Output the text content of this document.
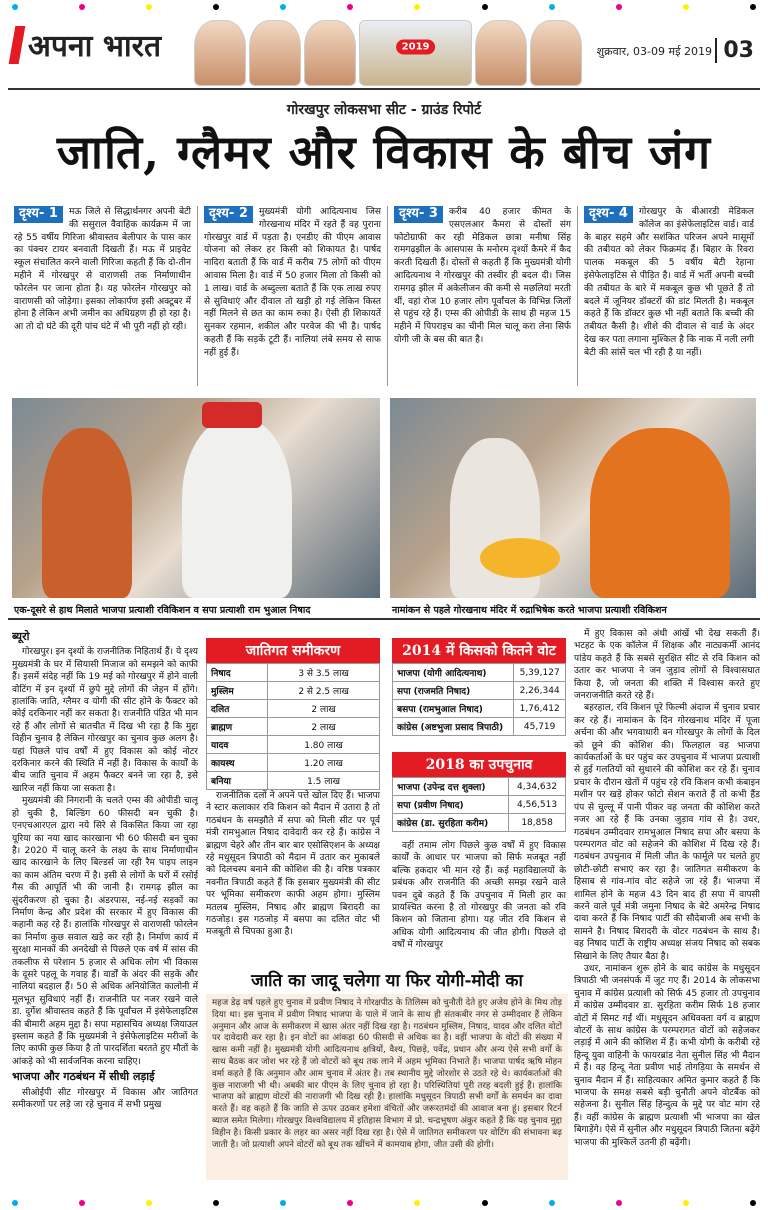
अपना भारत	2019	शुक्रवार, 03-09 मई 2019 03
गोरखपुर लोकसभा सीट - ग्राउंड रिपोर्ट
जाति, ग्लैमर और विकास के बीच जंग
दृश्य- 1	मऊ जिले से सिद्धार्थनगर अपनी बेटी की ससुराल वैवाहिक कार्यक्रम में जा रहे 55 वर्षीय गिरिजा श्रीवास्तव बेलीपार के पास कार का पंक्चर टायर बनवाती दिखती हैं। मऊ में प्राइवेट स्कूल संचालित करने वाली गिरिजा कहती हैं कि दो-तीन महीने में गोरखपुर से वाराणसी तक निर्माणाधीन फोरलेन पर जाना होता है। यह फोरलेन गोरखपुर को वाराणसी को जोड़ेगा। इसका लोकार्पण इसी अक्टूबर में होना है लेकिन अभी जमीन का अधिग्रहण ही हो रहा है। आ तो दो घंटे की दूरी पांच घंटे में भी पूरी नहीं हो रही।
दृश्य- 2	मुख्यमंत्री योगी आदित्यनाथ जिस गोरखनाथ मंदिर में रहते हैं वह पुराना गोरखपुर वार्ड में पड़ता है। एनडीए की पीएम आवास योजना को लेकर हर किसी को शिकायत है। पार्षद नादिरा बताती हैं कि वार्ड में करीब 75 लोगों को पीएम आवास मिला है। वार्ड में 50 हजार मिला तो किसी को 1 लाख। वार्ड के अब्दुल्ला बताते हैं कि एक लाख रुपए से सुविधाएं और दीवाल तो खड़ी हो गई लेकिन किस्त नहीं मिलने से छत का काम रुका है। ऐसी ही शिकायतें सुनकर रहमान, शकील और परवेज की भी है। पार्षद कहती हैं कि सड़कें टूटी हैं। नालियां लंबे समय से साफ नहीं हुई हैं।
दृश्य- 3	करीब 40 हजार कीमत के एसएलआर कैमरा से दोस्तों संग फोटोग्राफी कर रही मेडिकल छात्रा मनीषा सिंह रामगढ़झील के आसपास के मनोरम दृश्यों कैमरे में कैद करती दिखती हैं। दोस्तों से कहती हैं कि मुख्यमंत्री योगी आदित्यनाथ ने गोरखपुर की तस्वीर ही बदल दी। जिस रामगढ़ झील में अकेलीजन की कमी से मछलियां मरती थीं, वहां रोज 10 हजार लोग पूर्वांचल के विभिन्न जिलों से पहुंच रहे हैं। एम्स की ओपीडी के साथ ही महज 15 महीने में पिपराइच का चीनी मिल चालू करा लेना सिर्फ योगी जी के बस की बात है।
दृश्य- 4	गोरखपुर के बीआरडी मेडिकल कॉलेज का इंसेफेलाइटिस वार्ड। वार्ड के बाहर सहमे और सशंकित परिजन अपने मासूमों की तबीयत को लेकर फिक्रमंद हैं। बिहार के रिवरा पालक मकबूल की 5 वर्षीय बेटी रेहाना इंसेफेलाइटिस से पीड़ित है। वार्ड में भर्ती अपनी बच्ची की तबीयत के बारे में मकबूल कुछ भी पूछते हैं तो बदले में जूनियर डॉक्टरों की डांट मिलती है। मकबूल कहते हैं कि डॉक्टर कुछ भी नहीं बताते कि बच्ची की तबीयत कैसी है। शीशे की दीवाल से वार्ड के अंदर देख कर पता लगाना मुश्किल है कि नाक में नली लगी बेटी की सांसें चल भी रही है या नहीं।
एक-दूसरे से हाथ मिलाते भाजपा प्रत्याशी रविकिशन व सपा प्रत्याशी राम भुआल निषाद	नामांकन से पहले गोरखनाथ मंदिर में रुद्राभिषेक करते भाजपा प्रत्याशी रविकिशन
ब्यूरो

गोरखपुर। इन दृश्यों के राजनीतिक निहितार्थ हैं। ये दृश्य मुख्यमंत्री के घर में सियासी मिजाज को समझने को काफी हैं। इसमें संदेह नहीं कि 19 मई को गोरखपुर में होने वाली वोटिंग में इन दृश्यों में छुपे मुद्दे लोगों की जेहन में होंगे। हालांकि जाति, ग्लैमर व योगी की सीट होने के फैक्टर को कोई दरकिनार नहीं कर सकता है। राजनीति पंडित भी मान रहे हैं और लोगों से बातचीत में दिख भी रहा है कि मुद्दा विहीन चुनाव है लेकिन गोरखपुर का चुनाव कुछ अलग है। यहां पिछले पांच वर्षों में हुए विकास को कोई नोटर दरकिनार करने की स्थिति में नहीं है। विकास के कार्यों के बीच जाति चुनाव में अहम फैक्टर बनने जा रहा है, इसे खारिज नहीं किया जा सकता है।

मुख्यमंत्री की निगरानी के चलते एम्स की ओपीडी चालू हो चुकी है, बिल्डिंग 60 फीसदी बन चुकी है। एनएचआरएल द्वारा नये सिरे से विकसित किया जा रहा यूरिया का नया खाद कारखाना भी 60 फीसदी बन चुका है। 2020 में चालू करने के लक्ष्य के साथ निर्माणाधीन खाद कारखाने के लिए बिल्डर्स जा रही रैम पाइप लाइन का काम अंतिम चरण में है। इसी से लोगों के घरों में रसोई गैस की आपूर्ति भी की जानी है। रामगढ़ झील का सुंदरीकरण हो चुका है। अंडरपास, नई-नई सड़कों का निर्माण केन्द्र और प्रदेश की सरकार में हुए विकास की कहानी कह रहे हैं। हालांकि गोरखपुर से वाराणसी फोरलेन का निर्माण कुछ सवाल खड़े कर रही है। निर्माण कार्य में सुरक्षा मानकों की अनदेखी से पिछले एक वर्ष में सांस की तकलीफ से परेशान 5 हजार से अधिक लोग भी विकास के दूसरे पहलू के गवाह हैं। वार्डों के अंदर की सड़कें और नालियां बदहाल हैं। 50 से अधिक अनियोजित कालोनी में मूलभूत सुविधाएं नहीं हैं। राजनीति पर नजर रखने वाले डा. दुर्गेश श्रीवास्तव कहते हैं कि पूर्वांचल में इंसेफेलाइटिस की बीमारी अहम मुद्दा है। सपा महासचिव अध्यक्ष जियाउल इस्लाम कहते हैं कि मुख्यमंत्री ने इंसेफेलाइटिस मरीजों के लिए काफी कुछ किया है तो पारदर्शिता बरतते हुए मौतों के आंकड़े को भी सार्वजनिक करना चाहिए।

भाजपा और गठबंधन में सीधी लड़ाई

सीओईपी सीट गोरखपुर में विकास और जातिगत समीकरणों पर लड़े जा रहे चुनाव में सभी प्रमुख

जातिगत समीकरण
निषाद	3 से 3.5 लाख
मुस्लिम	2 से 2.5 लाख
दलित	2 लाख
ब्राह्मण	2 लाख
यादव	1.80 लाख
कायस्थ	1.20 लाख
बनिया	1.5 लाख

राजनीतिक दलों ने अपने पत्ते खोल दिए हैं। भाजपा ने स्टार कलाकार रवि किशन को मैदान में उतारा है तो गठबंधन के समझौते में सपा को मिली सीट पर पूर्व मंत्री रामभुआल निषाद दावेदारी कर रहे हैं। कांग्रेस ने ब्राह्मण चेहरे और तीन बार बार एसोसिएशन के अध्यक्ष रहे मधुसूदन त्रिपाठी को मैदान में उतार कर मुकाबले को दिलचस्प बनाने की कोशिश की है। वरिष्ठ पत्रकार नवनीत त्रिपाठी कहते हैं कि इसबार मुख्यमंत्री की सीट पर भूमिका समीकरण काफी अहम होगा। मुस्लिम मतलब मुस्लिम, निषाद और ब्राह्मण बिरादरी का गठजोड़। इस गठजोड़ में बसपा का दलित वोट भी मजबूती से चिपका हुआ है।

2014 में किसको कितने वोट
भाजपा (योगी आदित्यनाथ)	5,39,127
सपा (राजमति निषाद)	2,26,344
बसपा (रामभुआल निषाद)	1,76,412
कांग्रेस (अष्टभुजा प्रसाद त्रिपाठी)	45,719
2018 का उपचुनाव
भाजपा (उपेन्द्र दत्त शुक्ला)	4,34,632
सपा (प्रवीण निषाद)	4,56,513
कांग्रेस (डा. सुरहिता करीम)	18,858

वहीं तमाम लोग पिछले कुछ वर्षों में हुए विकास कार्यों के आधार पर भाजपा को सिर्फ मजबूत नहीं बल्कि हकदार भी मान रहे हैं। कई महाविद्यालयों के प्रबंधक और राजनीति की अच्छी समझ रखने वाले पवन दुबे कहते हैं कि उपचुनाव में मिली हार का प्रायश्चित करना है तो गोरखपुर की जनता को रवि किशन को जिताना होगा। यह जीत रवि किशन से अधिक योगी आदित्यनाथ की जीत होगी। पिछले दो वर्षों में गोरखपुर

जाति का जादू चलेगा या फिर योगी-मोदी का
महज डेढ़ वर्ष पहले हुए चुनाव में प्रवीण निषाद ने गोरक्षपीठ के तिलिस्म को चुनौती देते हुए अजेय होने के मिथ तोड़ दिया था। इस चुनाव में प्रवीण निषाद भाजपा के पाले में जाने के साथ ही संतकबीर नगर से उम्मीदवार हैं लेकिन अनुमान और आज के समीकरण में खास अंतर नहीं दिख रहा है। गठबंधन मुस्लिम, निषाद, यादव और दलित वोटों पर दावेदारी कर रहा है। इन वोटों का आंकड़ा 60 फीसदी से अधिक का है। वहीं भाजपा के वोटों की संख्या में खास कमी नहीं है। मुख्यमंत्री योगी आदित्यनाथ क्षत्रियों, वैश्य, पिछड़े, पर्वेद्र, प्रधान और अन्य ऐसे सभी वर्गों के साथ बैठक कर जोश भर रहे हैं जो वोटरों को बूथ तक लाने में अहम भूमिका निभाते हैं। भाजपा पार्षद ऋषि मोहन वर्मा कहते हैं कि अनुमान और आम चुनाव में अंतर है। तब स्थानीय मुद्दे जोरशोर से उठते रहे थे। कार्यकर्ताओं की कुछ नाराजगी भी थी। अबकी बार पीएम के लिए चुनाव हो रहा है। परिस्थितियां पूरी तरह बदली हुई हैं। हालांकि भाजपा को ब्राह्मण वोटरों की नाराजगी भी दिख रही है। हालांकि मधुसूदन त्रिपाठी सभी वर्गों के समर्थन का दावा करते हैं। वह कहते हैं कि जाति से ऊपर उठकर हमेशा वंचितों और जरूरतमंदों की आवाज बना हूं। इसबार रिटर्न ब्याज समेत मिलेगा। गोरखपुर विश्वविद्यालय में इतिहास विभाग में प्रो. चन्द्रभूषण अंकुर कहते हैं कि यह चुनाव मुद्दा विहीन है। किसी प्रकार के लहर का असर नहीं दिख रहा है। ऐसे में जातिगत समीकरण पर वोटिंग की संभावना बढ़ जाती है। जो प्रत्याशी अपने वोटरों को बूथ तक खींचने में कामयाब होगा, जीत उसी की होगी।

में हुए विकास को अंधी आंखें भी देख सकती हैं। भटहट के एक कॉलेज में शिक्षक और नाट्यकर्मी आनंद पांडेय कहते हैं कि सबसे सुरक्षित सीट से रवि किशन को उतार कर भाजपा ने जन जुड़ाव लोगों से विश्वासघात किया है, जो जनता की शक्ति में विश्वास करते हुए जनराजनीति करते रहे हैं।

बहरहाल, रवि किशन पूरे फिल्मी अंदाज में चुनाव प्रचार कर रहे हैं। नामांकन के दिन गोरखनाथ मंदिर में पूजा अर्चना की और भगवाधारी बन गोरखपुर के लोगों के दिल को छूने की कोशिश की। फिलहाल वह भाजपा कार्यकर्ताओं के घर पहुंच कर उपचुनाव में भाजपा प्रत्याशी से हुई गलतियों को सुधारने की कोशिश कर रहे हैं। चुनाव प्रचार के दौरान खेतों में पहुंच रहे रवि किशन कभी कंबाइन मशीन पर खड़े होकर फोटो सेशन कराते हैं तो कभी हैंड पंप से चुल्लू में पानी पीकर वह जनता की कोशिश करते नजर आ रहे हैं कि उनका जुड़ाव गांव से है। उधर, गठबंधन उम्मीदवार रामभुआल निषाद सपा और बसपा के परम्परागत वोट को सहेजने की कोशिश में दिख रहे हैं। गठबंधन उपचुनाव में मिली जीत के फार्मूले पर चलते हुए छोटी-छोटी सभाएं कर रहा है। जातिगत समीकरण के हिसाब से गांव-गांव वोट सहेजे जा रहे हैं। भाजपा में शामिल होने के महज 43 दिन बाद ही सपा में वापसी करने वाले पूर्व मंत्री जमुना निषाद के बेटे अमरेन्द्र निषाद दावा करते हैं कि निषाद पार्टी की सौदेबाजी अब सभी के सामने है। निषाद बिरादरी के वोटर गठबंधन के साथ है। वह निषाद पार्टी के राष्ट्रीय अध्यक्ष संजय निषाद को सबक सिखाने के लिए तैयार बैठा है।

उधर, नामांकन शुरू होने के बाद कांग्रेस के मधुसूदन त्रिपाठी भी जनसंपर्क में जुट गए हैं। 2014 के लोकसभा चुनाव में कांग्रेस प्रत्याशी को सिर्फ 45 हजार तो उपचुनाव में कांग्रेस उम्मीदवार डा. सुरहिता करीम सिर्फ 18 हजार वोटों में सिमट गईं थीं। मधुसूदन अधिवक्ता वर्ग व ब्राह्मण वोटरों के साथ कांग्रेस के परम्परागत वोटों को सहेजकर लड़ाई में आने की कोशिश में हैं। कभी योगी के करीबी रहे हिन्दू युवा वाहिनी के फायरब्रांड नेता सुनील सिंह भी मैदान में हैं। वह हिन्दू नेता प्रवीण भाई तोगड़िया के समर्थन से चुनाव मैदान में हैं। साहित्यकार अमित कुमार कहते हैं कि भाजपा के समक्ष सबसे बड़ी चुनौती अपने वोटबैंक को सहेजना है। सुनील सिंह हिन्दुत्व के मुद्दे पर वोट मांग रहे हैं। वहीं कांग्रेस के ब्राह्मण प्रत्याशी भी भाजपा का खेल बिगाड़ेंगे। ऐसे में सुनील और मधुसूदन त्रिपाठी जितना बढ़ेंगे भाजपा की मुश्किलें उतनी ही बढ़ेंगी।
